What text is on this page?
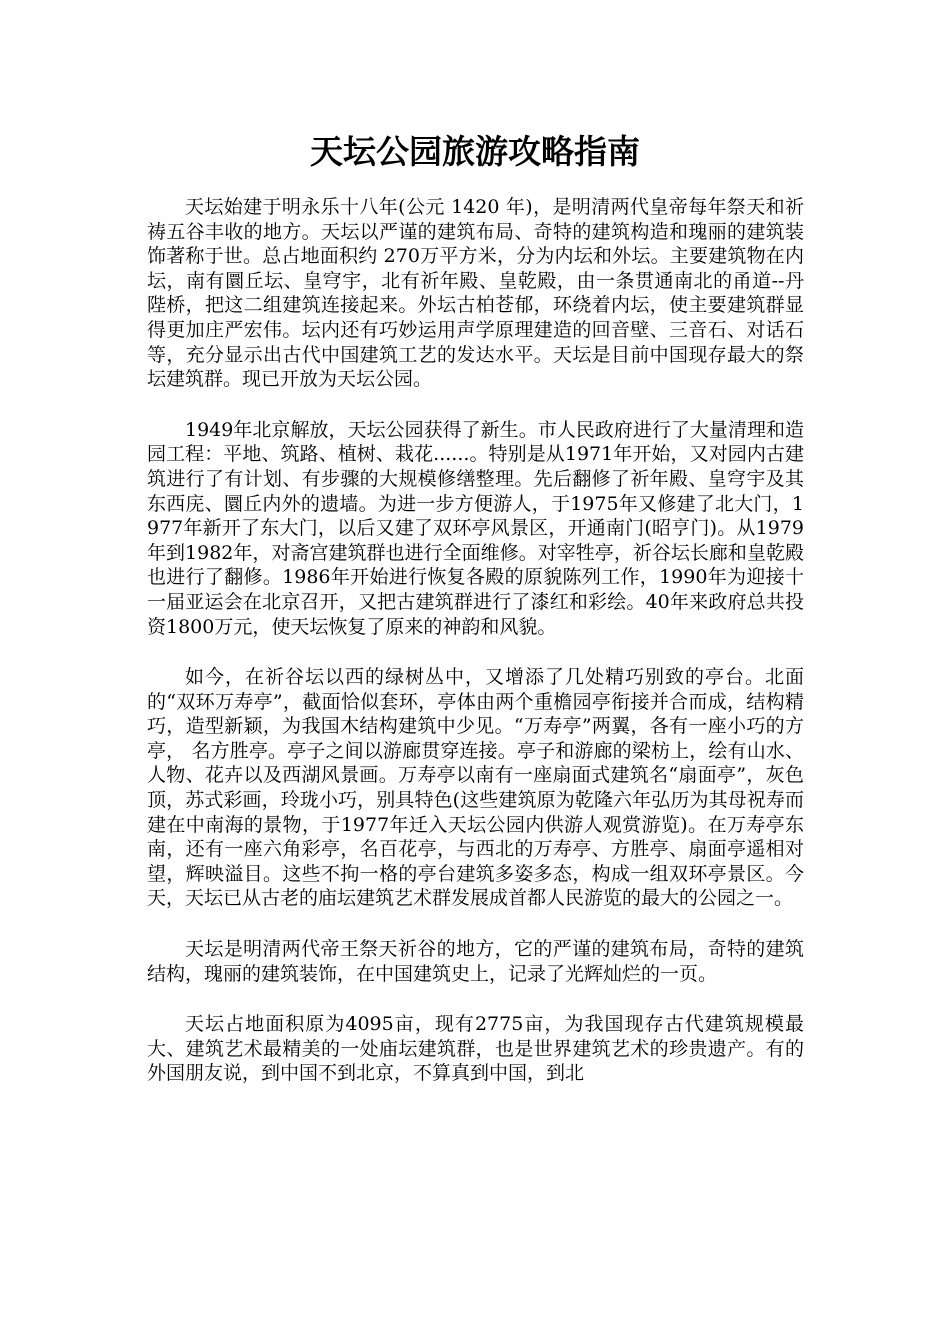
天坛公园旅游攻略指南

天坛始建于明永乐十八年(公元 1420 年)，是明清两代皇帝每年祭天和祈祷五谷丰收的地方。天坛以严谨的建筑布局、奇特的建筑构造和瑰丽的建筑装饰著称于世。总占地面积约 270万平方米，分为内坛和外坛。主要建筑物在内坛，南有圜丘坛、皇穹宇，北有祈年殿、皇乾殿，由一条贯通南北的甬道--丹陛桥，把这二组建筑连接起来。外坛古柏苍郁，环绕着内坛，使主要建筑群显得更加庄严宏伟。坛内还有巧妙运用声学原理建造的回音壁、三音石、对话石等，充分显示出古代中国建筑工艺的发达水平。天坛是目前中国现存最大的祭坛建筑群。现已开放为天坛公园。

1949年北京解放，天坛公园获得了新生。市人民政府进行了大量清理和造园工程：平地、筑路、植树、栽花......。特别是从1971年开始，又对园内古建筑进行了有计划、有步骤的大规模修缮整理。先后翻修了祈年殿、皇穹宇及其东西庑、圜丘内外的遗墙。为进一步方便游人，于1975年又修建了北大门，1977年新开了东大门，以后又建了双环亭风景区，开通南门(昭亨门)。从1979年到1982年，对斋宫建筑群也进行全面维修。对宰牲亭，祈谷坛长廊和皇乾殿也进行了翻修。1986年开始进行恢复各殿的原貌陈列工作，1990年为迎接十一届亚运会在北京召开，又把古建筑群进行了漆红和彩绘。40年来政府总共投资1800万元，使天坛恢复了原来的神韵和风貌。

如今，在祈谷坛以西的绿树丛中，又增添了几处精巧别致的亭台。北面的“双环万寿亭”，截面恰似套环，亭体由两个重檐园亭衔接并合而成，结构精巧，造型新颖，为我国木结构建筑中少见。“万寿亭”两翼，各有一座小巧的方亭， 名方胜亭。亭子之间以游廊贯穿连接。亭子和游廊的梁枋上，绘有山水、人物、花卉以及西湖风景画。万寿亭以南有一座扇面式建筑名“扇面亭”，灰色顶，苏式彩画，玲珑小巧，别具特色(这些建筑原为乾隆六年弘历为其母祝寿而建在中南海的景物，于1977年迁入天坛公园内供游人观赏游览)。在万寿亭东南，还有一座六角彩亭，名百花亭，与西北的万寿亭、方胜亭、扇面亭遥相对望，辉映溢目。这些不拘一格的亭台建筑多姿多态，构成一组双环亭景区。今天，天坛已从古老的庙坛建筑艺术群发展成首都人民游览的最大的公园之一。

天坛是明清两代帝王祭天祈谷的地方，它的严谨的建筑布局，奇特的建筑结构，瑰丽的建筑装饰，在中国建筑史上，记录了光辉灿烂的一页。

天坛占地面积原为4095亩，现有2775亩，为我国现存古代建筑规模最大、建筑艺术最精美的一处庙坛建筑群，也是世界建筑艺术的珍贵遗产。有的外国朋友说，到中国不到北京，不算真到中国，到北
